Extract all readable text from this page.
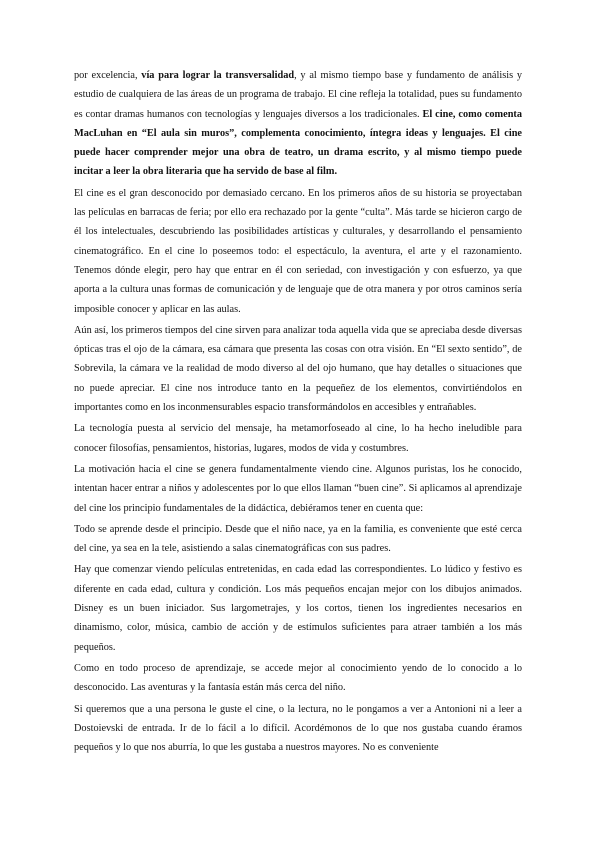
por excelencia, vía para lograr la transversalidad, y al mismo tiempo base y fundamento de análisis y estudio de cualquiera de las áreas de un programa de trabajo. El cine refleja la totalidad, pues su fundamento es contar dramas humanos con tecnologías y lenguajes diversos a los tradicionales. El cine, como comenta MacLuhan en “El aula sin muros”, complementa conocimiento, íntegra ideas y lenguajes. El cine puede hacer comprender mejor una obra de teatro, un drama escrito, y al mismo tiempo puede incitar a leer la obra literaria que ha servido de base al film.

El cine es el gran desconocido por demasiado cercano. En los primeros años de su historia se proyectaban las películas en barracas de feria; por ello era rechazado por la gente “culta”. Más tarde se hicieron cargo de él los intelectuales, descubriendo las posibilidades artísticas y culturales, y desarrollando el pensamiento cinematográfico. En el cine lo poseemos todo: el espectáculo, la aventura, el arte y el razonamiento. Tenemos dónde elegir, pero hay que entrar en él con seriedad, con investigación y con esfuerzo, ya que aporta a la cultura unas formas de comunicación y de lenguaje que de otra manera y por otros caminos sería imposible conocer y aplicar en las aulas.

Aún así, los primeros tiempos del cine sirven para analizar toda aquella vida que se apreciaba desde diversas ópticas tras el ojo de la cámara, esa cámara que presenta las cosas con otra visión. En “El sexto sentido”, de Sobrevila, la cámara ve la realidad de modo diverso al del ojo humano, que hay detalles o situaciones que no puede apreciar. El cine nos introduce tanto en la pequeñez de los elementos, convirtiéndolos en importantes como en los inconmensurables espacio transformándolos en accesibles y entrañables.

La tecnología puesta al servicio del mensaje, ha metamorfoseado al cine, lo ha hecho ineludible para conocer filosofías, pensamientos, historias, lugares, modos de vida y costumbres.

La motivación hacia el cine se genera fundamentalmente viendo cine. Algunos puristas, los he conocido, intentan hacer entrar a niños y adolescentes por lo que ellos llaman “buen cine”. Si aplicamos al aprendizaje del cine los principio fundamentales de la didáctica, debiéramos tener en cuenta que:

Todo se aprende desde el principio. Desde que el niño nace, ya en la familia, es conveniente que esté cerca del cine, ya sea en la tele, asistiendo a salas cinematográficas con sus padres.

Hay que comenzar viendo películas entretenidas, en cada edad las correspondientes. Lo lúdico y festivo es diferente en cada edad, cultura y condición. Los más pequeños encajan mejor con los dibujos animados. Disney es un buen iniciador. Sus largometrajes, y los cortos, tienen los ingredientes necesarios en dinamismo, color, música, cambio de acción y de estímulos suficientes para atraer también a los más pequeños.

Como en todo proceso de aprendizaje, se accede mejor al conocimiento yendo de lo conocido a lo desconocido. Las aventuras y la fantasía están más cerca del niño.

Si queremos que a una persona le guste el cine, o la lectura, no le pongamos a ver a Antonioni ni a leer a Dostoievski de entrada. Ir de lo fácil a lo difícil. Acordémonos de lo que nos gustaba cuando éramos pequeños y lo que nos aburría, lo que les gustaba a nuestros mayores. No es conveniente
